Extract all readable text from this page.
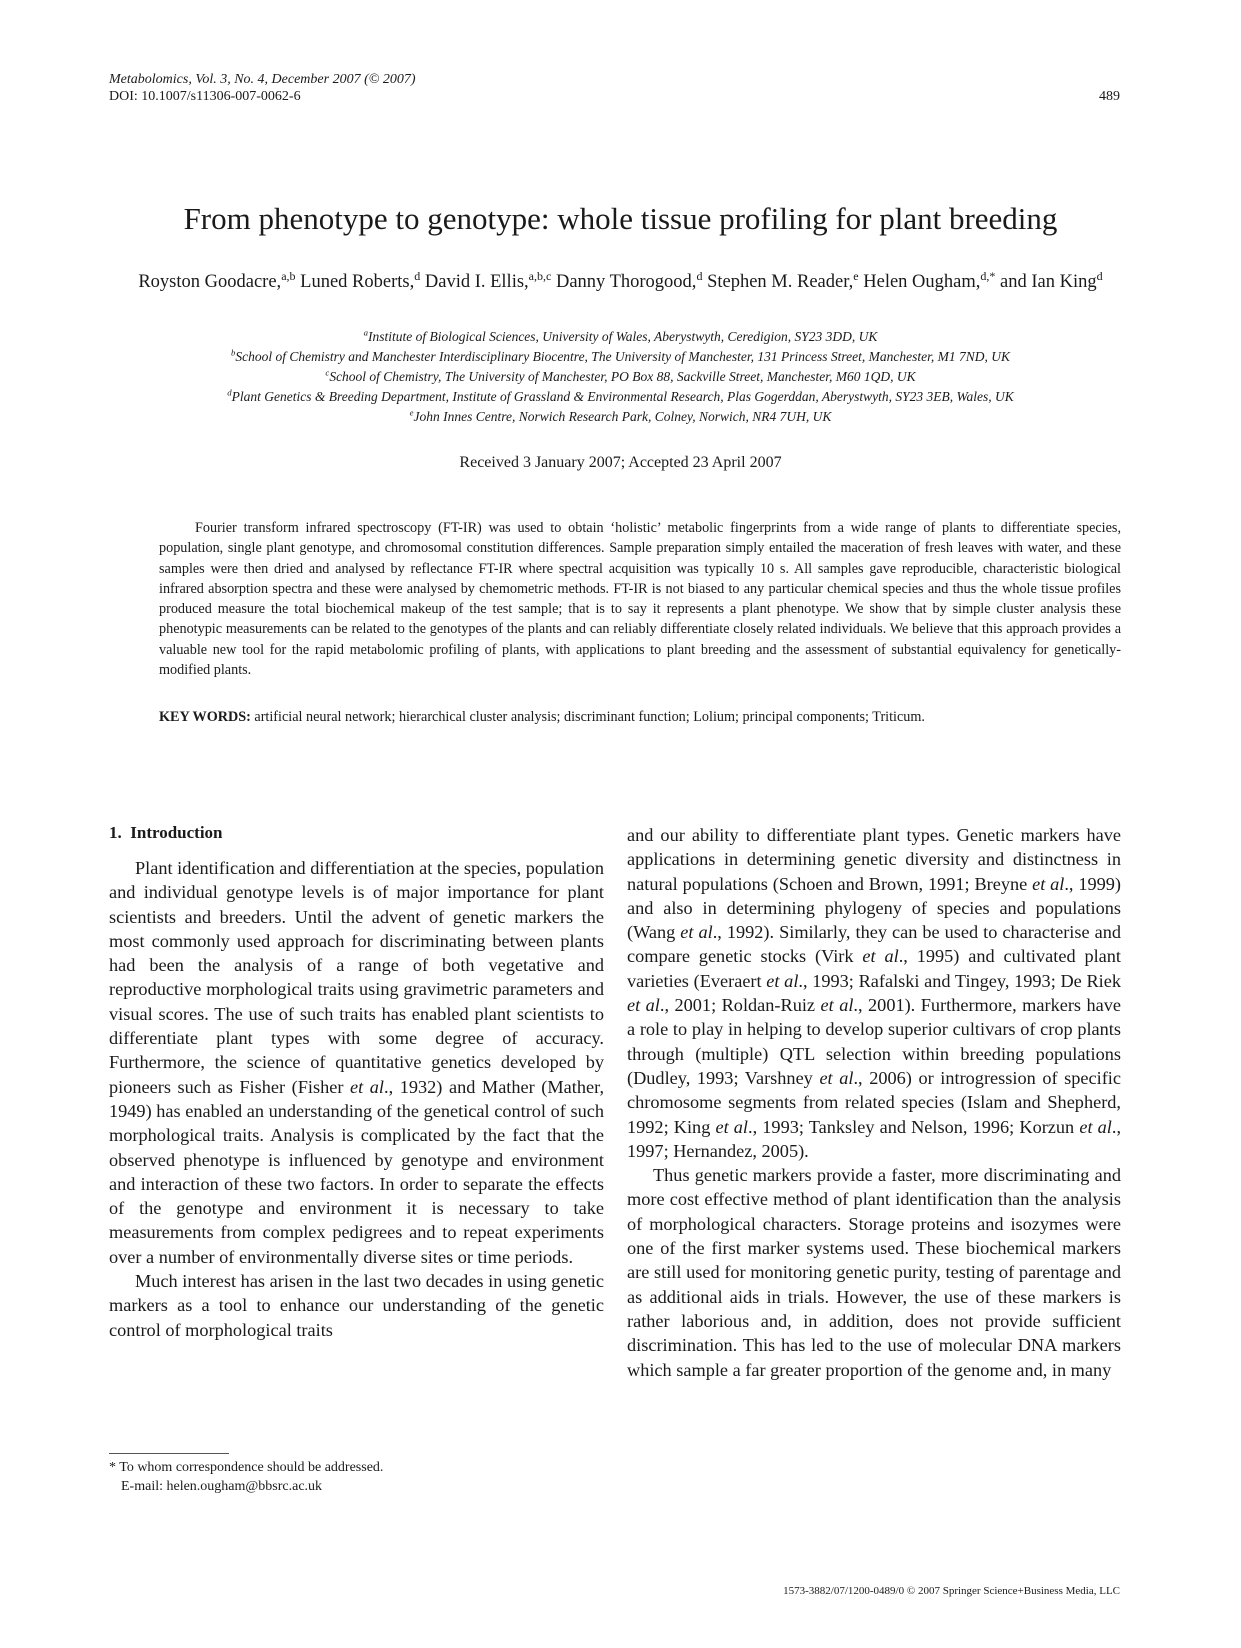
Metabolomics, Vol. 3, No. 4, December 2007 (© 2007)
DOI: 10.1007/s11306-007-0062-6	489
From phenotype to genotype: whole tissue profiling for plant breeding
Royston Goodacre,$^{a,b}$ Luned Roberts,$^d$ David I. Ellis,$^{a,b,c}$ Danny Thorogood,$^d$ Stephen M. Reader,$^e$ Helen Ougham,$^{d,*}$ and Ian King$^d$
$^a$Institute of Biological Sciences, University of Wales, Aberystwyth, Ceredigion, SY23 3DD, UK
$^b$School of Chemistry and Manchester Interdisciplinary Biocentre, The University of Manchester, 131 Princess Street, Manchester, M1 7ND, UK
$^c$School of Chemistry, The University of Manchester, PO Box 88, Sackville Street, Manchester, M60 1QD, UK
$^d$Plant Genetics & Breeding Department, Institute of Grassland & Environmental Research, Plas Gogerddan, Aberystwyth, SY23 3EB, Wales, UK
$^e$John Innes Centre, Norwich Research Park, Colney, Norwich, NR4 7UH, UK
Received 3 January 2007; Accepted 23 April 2007
Fourier transform infrared spectroscopy (FT-IR) was used to obtain ‘holistic’ metabolic fingerprints from a wide range of plants to differentiate species, population, single plant genotype, and chromosomal constitution differences. Sample preparation simply entailed the maceration of fresh leaves with water, and these samples were then dried and analysed by reflectance FT-IR where spectral acquisition was typically 10 s. All samples gave reproducible, characteristic biological infrared absorption spectra and these were analysed by chemometric methods. FT-IR is not biased to any particular chemical species and thus the whole tissue profiles produced measure the total biochemical makeup of the test sample; that is to say it represents a plant phenotype. We show that by simple cluster analysis these phenotypic measurements can be related to the genotypes of the plants and can reliably differentiate closely related individuals. We believe that this approach provides a valuable new tool for the rapid metabolomic profiling of plants, with applications to plant breeding and the assessment of substantial equivalency for genetically-modified plants.
KEY WORDS: artificial neural network; hierarchical cluster analysis; discriminant function; Lolium; principal components; Triticum.
1. Introduction

Plant identification and differentiation at the species, population and individual genotype levels is of major importance for plant scientists and breeders. Until the advent of genetic markers the most commonly used approach for discriminating between plants had been the analysis of a range of both vegetative and reproductive morphological traits using gravimetric parameters and visual scores. The use of such traits has enabled plant scientists to differentiate plant types with some degree of accuracy. Furthermore, the science of quantitative genetics developed by pioneers such as Fisher (Fisher et al., 1932) and Mather (Mather, 1949) has enabled an understanding of the genetical control of such morphological traits. Analysis is complicated by the fact that the observed phenotype is influenced by genotype and environment and interaction of these two factors. In order to separate the effects of the genotype and environment it is necessary to take measurements from complex pedigrees and to repeat experiments over a number of environmentally diverse sites or time periods.

Much interest has arisen in the last two decades in using genetic markers as a tool to enhance our understanding of the genetic control of morphological traits

and our ability to differentiate plant types. Genetic markers have applications in determining genetic diversity and distinctness in natural populations (Schoen and Brown, 1991; Breyne et al., 1999) and also in determining phylogeny of species and populations (Wang et al., 1992). Similarly, they can be used to characterise and compare genetic stocks (Virk et al., 1995) and cultivated plant varieties (Everaert et al., 1993; Rafalski and Tingey, 1993; De Riek et al., 2001; Roldan-Ruiz et al., 2001). Furthermore, markers have a role to play in helping to develop superior cultivars of crop plants through (multiple) QTL selection within breeding populations (Dudley, 1993; Varshney et al., 2006) or introgression of specific chromosome segments from related species (Islam and Shepherd, 1992; King et al., 1993; Tanksley and Nelson, 1996; Korzun et al., 1997; Hernandez, 2005).

Thus genetic markers provide a faster, more discriminating and more cost effective method of plant identification than the analysis of morphological characters. Storage proteins and isozymes were one of the first marker systems used. These biochemical markers are still used for monitoring genetic purity, testing of parentage and as additional aids in trials. However, the use of these markers is rather laborious and, in addition, does not provide sufficient discrimination. This has led to the use of molecular DNA markers which sample a far greater proportion of the genome and, in many

* To whom correspondence should be addressed.
E-mail: helen.ougham@bbsrc.ac.uk
1573-3882/07/1200-0489/0 © 2007 Springer Science+Business Media, LLC
